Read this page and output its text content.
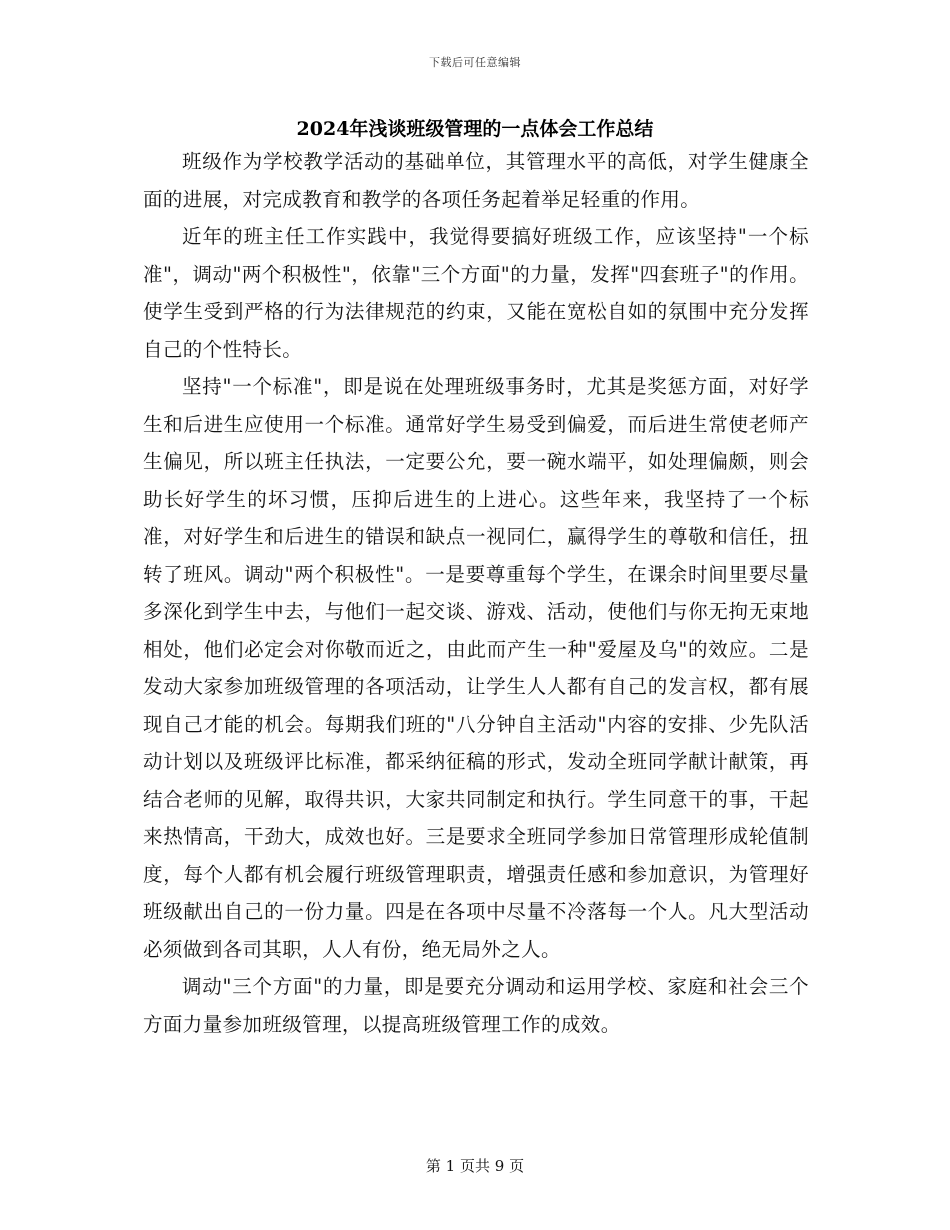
下载后可任意编辑
2024年浅谈班级管理的一点体会工作总结

班级作为学校教学活动的基础单位，其管理水平的高低，对学生健康全面的进展，对完成教育和教学的各项任务起着举足轻重的作用。

近年的班主任工作实践中，我觉得要搞好班级工作，应该坚持"一个标准"，调动"两个积极性"，依靠"三个方面"的力量，发挥"四套班子"的作用。使学生受到严格的行为法律规范的约束，又能在宽松自如的氛围中充分发挥自己的个性特长。

坚持"一个标准"，即是说在处理班级事务时，尤其是奖惩方面，对好学生和后进生应使用一个标准。通常好学生易受到偏爱，而后进生常使老师产生偏见，所以班主任执法，一定要公允，要一碗水端平，如处理偏颇，则会助长好学生的坏习惯，压抑后进生的上进心。这些年来，我坚持了一个标准，对好学生和后进生的错误和缺点一视同仁，赢得学生的尊敬和信任，扭转了班风。调动"两个积极性"。一是要尊重每个学生，在课余时间里要尽量多深化到学生中去，与他们一起交谈、游戏、活动，使他们与你无拘无束地相处，他们必定会对你敬而近之，由此而产生一种"爱屋及乌"的效应。二是发动大家参加班级管理的各项活动，让学生人人都有自己的发言权，都有展现自己才能的机会。每期我们班的"八分钟自主活动"内容的安排、少先队活动计划以及班级评比标准，都采纳征稿的形式，发动全班同学献计献策，再结合老师的见解，取得共识，大家共同制定和执行。学生同意干的事，干起来热情高，干劲大，成效也好。三是要求全班同学参加日常管理形成轮值制度，每个人都有机会履行班级管理职责，增强责任感和参加意识，为管理好班级献出自己的一份力量。四是在各项中尽量不冷落每一个人。凡大型活动必须做到各司其职，人人有份，绝无局外之人。

调动"三个方面"的力量，即是要充分调动和运用学校、家庭和社会三个方面力量参加班级管理，以提高班级管理工作的成效。

第 1 页共 9 页
